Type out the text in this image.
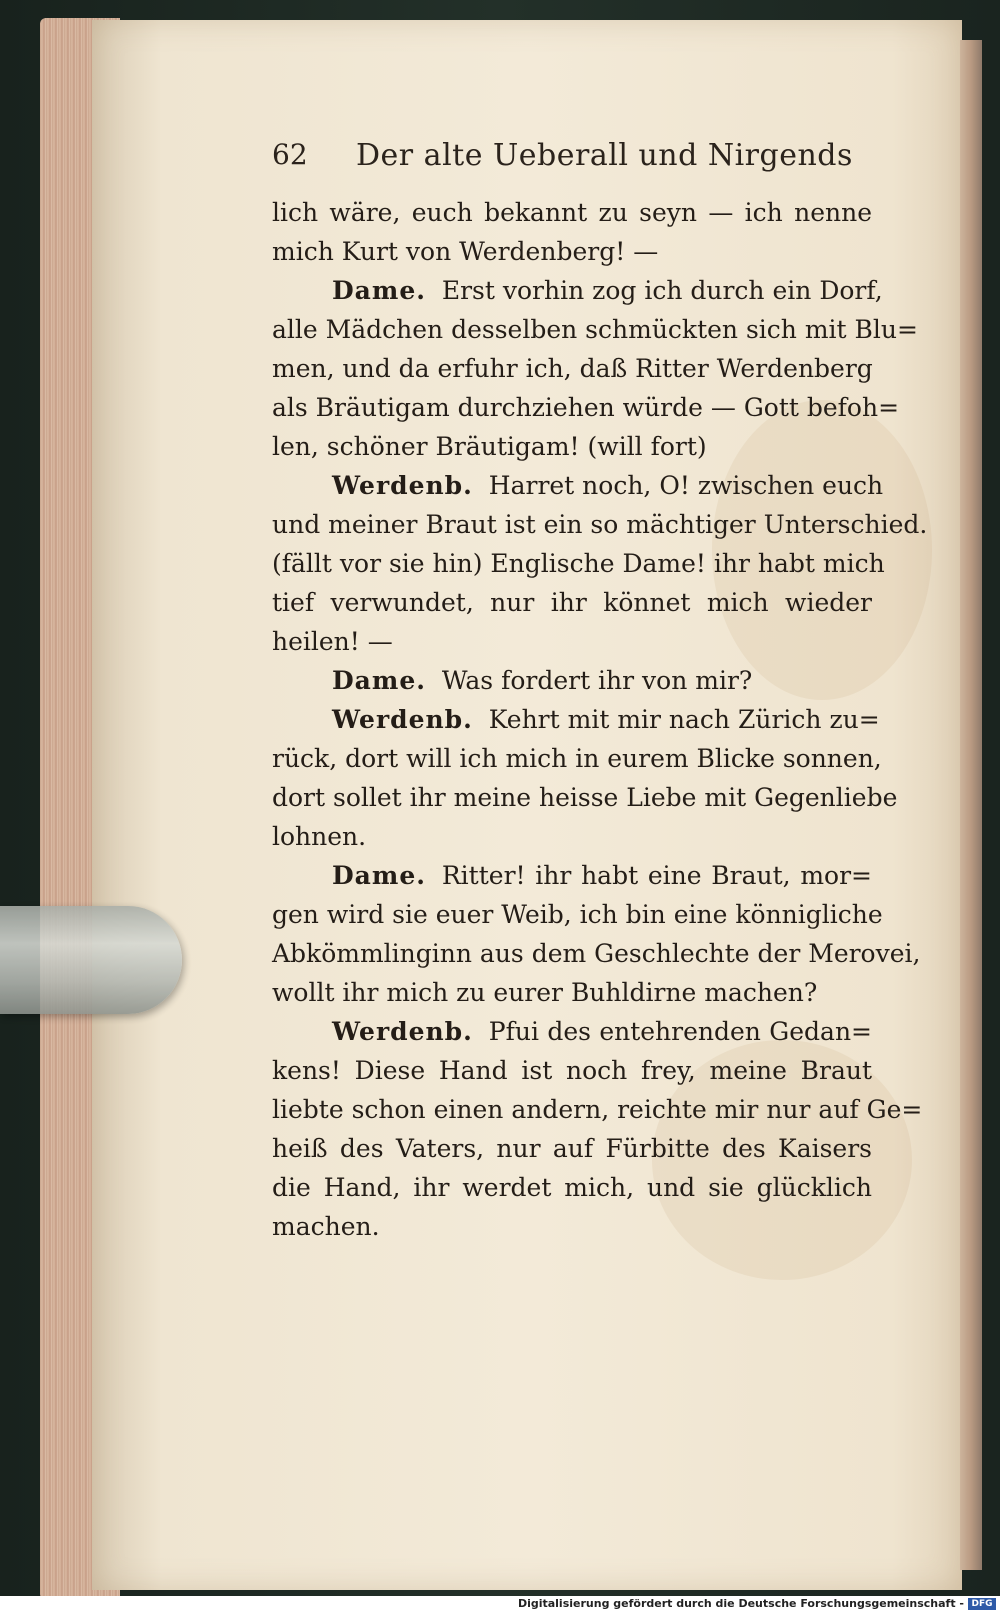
62 Der alte Ueberall und Nirgends
lich wäre, euch bekannt zu seyn — ich nenne
mich Kurt von Werdenberg! —
Dame.
Erst vorhin zog ich durch ein Dorf,
alle Mädchen desselben schmückten sich mit Blu=
men, und da erfuhr ich, daß Ritter Werdenberg
als Bräutigam durchziehen würde — Gott befoh=
len, schöner Bräutigam! (will fort)
Werdenb.
Harret noch, O! zwischen euch
und meiner Braut ist ein so mächtiger Unterschied.
(fällt vor sie hin) Englische Dame! ihr habt mich
tief verwundet, nur ihr könnet mich wieder
heilen! —
Dame.
Was fordert ihr von mir?
Werdenb.
Kehrt mit mir nach Zürich zu=
rück, dort will ich mich in eurem Blicke sonnen,
dort sollet ihr meine heisse Liebe mit Gegenliebe
lohnen.
Dame.
Ritter! ihr habt eine Braut, mor=
gen wird sie euer Weib, ich bin eine könnigliche
Abkömmlinginn aus dem Geschlechte der Merovei,
wollt ihr mich zu eurer Buhldirne machen?
Werdenb.
Pfui des entehrenden Gedan=
kens! Diese Hand ist noch frey, meine Braut
liebte schon einen andern, reichte mir nur auf Ge=
heiß des Vaters, nur auf Fürbitte des Kaisers
die Hand, ihr werdet mich, und sie glücklich
machen.
Digitalisierung gefördert durch die Deutsche Forschungsgemeinschaft - DFG
